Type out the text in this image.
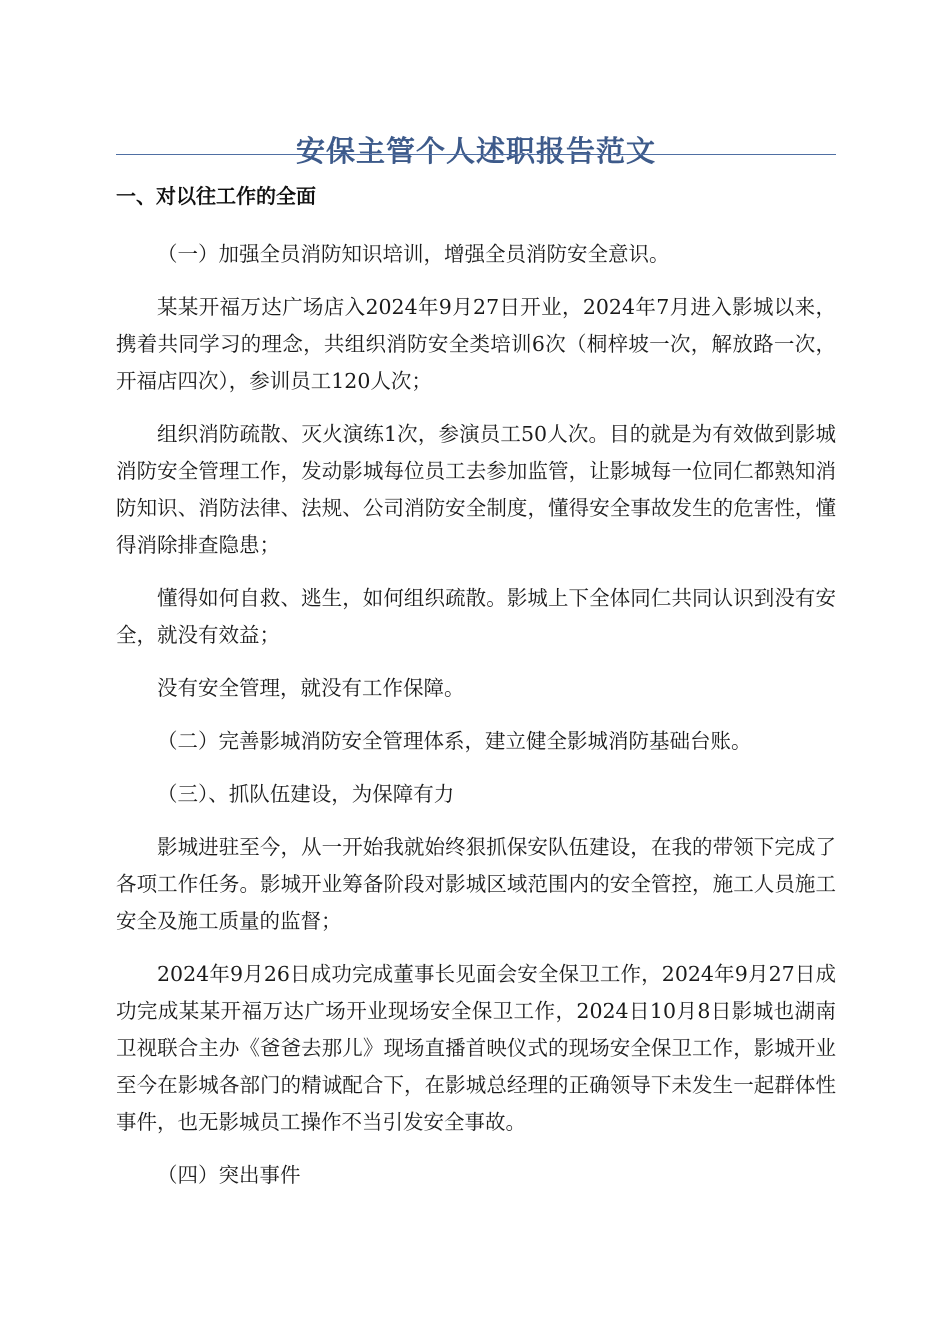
安保主管个人述职报告范文
一、对以往工作的全面

（一）加强全员消防知识培训，增强全员消防安全意识。

某某开福万达广场店入2024年9月27日开业，2024年7月进入影城以来，携着共同学习的理念，共组织消防安全类培训6次（桐梓坡一次，解放路一次，开福店四次），参训员工120人次；

组织消防疏散、灭火演练1次，参演员工50人次。目的就是为有效做到影城消防安全管理工作，发动影城每位员工去参加监管，让影城每一位同仁都熟知消防知识、消防法律、法规、公司消防安全制度，懂得安全事故发生的危害性，懂得消除排查隐患；

懂得如何自救、逃生，如何组织疏散。影城上下全体同仁共同认识到没有安全，就没有效益；

没有安全管理，就没有工作保障。

（二）完善影城消防安全管理体系，建立健全影城消防基础台账。

（三）、抓队伍建设，为保障有力

影城进驻至今，从一开始我就始终狠抓保安队伍建设，在我的带领下完成了各项工作任务。影城开业筹备阶段对影城区域范围内的安全管控，施工人员施工安全及施工质量的监督；

2024年9月26日成功完成董事长见面会安全保卫工作，2024年9月27日成功完成某某开福万达广场开业现场安全保卫工作，2024日10月8日影城也湖南卫视联合主办《爸爸去那儿》现场直播首映仪式的现场安全保卫工作，影城开业至今在影城各部门的精诚配合下，在影城总经理的正确领导下未发生一起群体性事件，也无影城员工操作不当引发安全事故。

（四）突出事件
